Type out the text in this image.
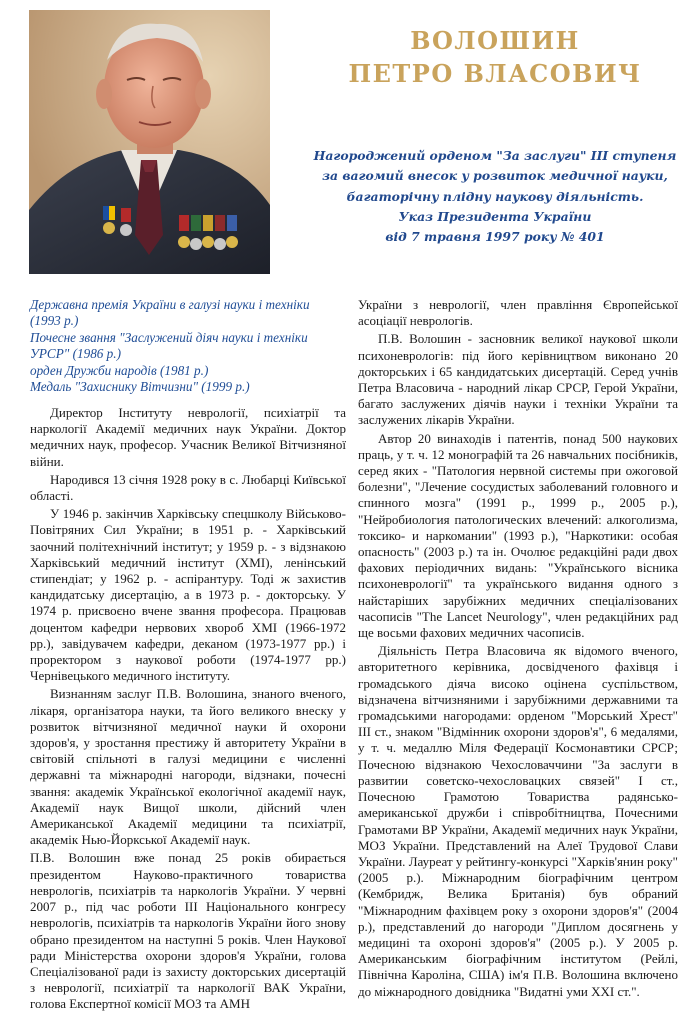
ВОЛОШИН

ПЕТРО ВЛАСОВИЧ

Нагороджений орденом "За заслуги" III ступеня

за вагомий внесок у розвиток медичної науки,

багаторічну плідну наукову діяльність.

Указ Президента України

від 7 травня 1997 року № 401

Державна премія України в галузі науки і техніки

(1993 р.)

Почесне звання "Заслужений діяч науки і техніки

УРСР" (1986 р.)

орден Дружби народів (1981 р.)

Медаль "Захиснику Вітчизни" (1999 р.)

Директор Інституту неврології, психіатрії та наркології Академії медичних наук України. Доктор медичних наук, професор. Учасник Великої Вітчизняної війни.

Народився 13 січня 1928 року в с. Любарці Київської області.

У 1946 р. закінчив Харківську спецшколу Військово-Повітряних Сил України; в 1951 р. - Харківський заочний політехнічний інститут; у 1959 р. - з відзнакою Харківський медичний інститут (ХМІ), ленінський стипендіат; у 1962 р. - аспірантуру. Тоді ж захистив кандидатську дисертацію, а в 1973 р. - докторську. У 1974 р. присвоєно вчене звання професора. Працював доцентом кафедри нервових хвороб ХМІ (1966-1972 рр.), завідувачем кафедри, деканом (1973-1977 рр.) і проректором з наукової роботи (1974-1977 рр.) Чернівецького медичного інституту.

Визнанням заслуг П.В. Волошина, знаного вченого, лікаря, організатора науки, та його великого внеску у розвиток вітчизняної медичної науки й охорони здоров'я, у зростання престижу й авторитету України в світовій спільноті в галузі медицини є численні державні та міжнародні нагороди, відзнаки, почесні звання: академік Української екологічної академії наук, Академії наук Вищої школи, дійсний член Американської Академії медицини та психіатрії, академік Нью-Йоркської Академії наук.

П.В. Волошин вже понад 25 років обирається президентом Науково-практичного товариства неврологів, психіатрів та наркологів України. У червні 2007 р., під час роботи III Національного конгресу неврологів, психіатрів та наркологів України його знову обрано президентом на наступні 5 років. Член Наукової ради Міністерства охорони здоров'я України, голова Спеціалізованої ради із захисту докторських дисертацій з неврології, психіатрії та наркології ВАК України, голова Експертної комісії МОЗ та АМН

України з неврології, член правління Європейської асоціації неврологів.

П.В. Волошин - засновник великої наукової школи психоневрологів: під його керівництвом виконано 20 докторських і 65 кандидатських дисертацій. Серед учнів Петра Власовича - народний лікар СРСР, Герой України, багато заслужених діячів науки і техніки України та заслужених лікарів України.

Автор 20 винаходів і патентів, понад 500 наукових праць, у т. ч. 12 монографій та 26 навчальних посібників, серед яких - "Патология нервной системы при ожоговой болезни", "Лечение сосудистых заболеваний головного и спинного мозга" (1991 р., 1999 р., 2005 р.), "Нейробиология патологических влечений: алкоголизма, токсико- и наркомании" (1993 р.), "Наркотики: особая опасность" (2003 р.) та ін. Очолює редакційні ради двох фахових періодичних видань: "Українського вісника психоневрології" та українського видання одного з найстаріших зарубіжних медичних спеціалізованих часописів "The Lancet Neurology", член редакційних рад ще восьми фахових медичних часописів.

Діяльність Петра Власовича як відомого вченого, авторитетного керівника, досвідченого фахівця і громадського діяча високо оцінена суспільством, відзначена вітчизняними і зарубіжними державними та громадськими нагородами: орденом "Морський Хрест" III ст., знаком "Відмінник охорони здоров'я", 6 медалями, у т. ч. медаллю Міля Федерації Космонавтики СРСР; Почесною відзнакою Чехословаччини "За заслуги в развитии советско-чехословацких связей" I ст., Почесною Грамотою Товариства радянсько-американської дружби і співробітництва, Почесними Грамотами ВР України, Академії медичних наук України, МОЗ України. Представлений на Алеї Трудової Слави України. Лауреат у рейтингу-конкурсі "Харків'янин року" (2005 р.). Міжнародним біографічним центром (Кембридж, Велика Британія) був обраний "Міжнародним фахівцем року з охорони здоров'я" (2004 р.), представлений до нагороди "Диплом досягнень у медицині та охороні здоров'я" (2005 р.). У 2005 р. Американським біографічним інститутом (Рейлі, Північна Кароліна, США) ім'я П.В. Волошина включено до міжнародного довідника "Видатні уми ХХІ ст.".
